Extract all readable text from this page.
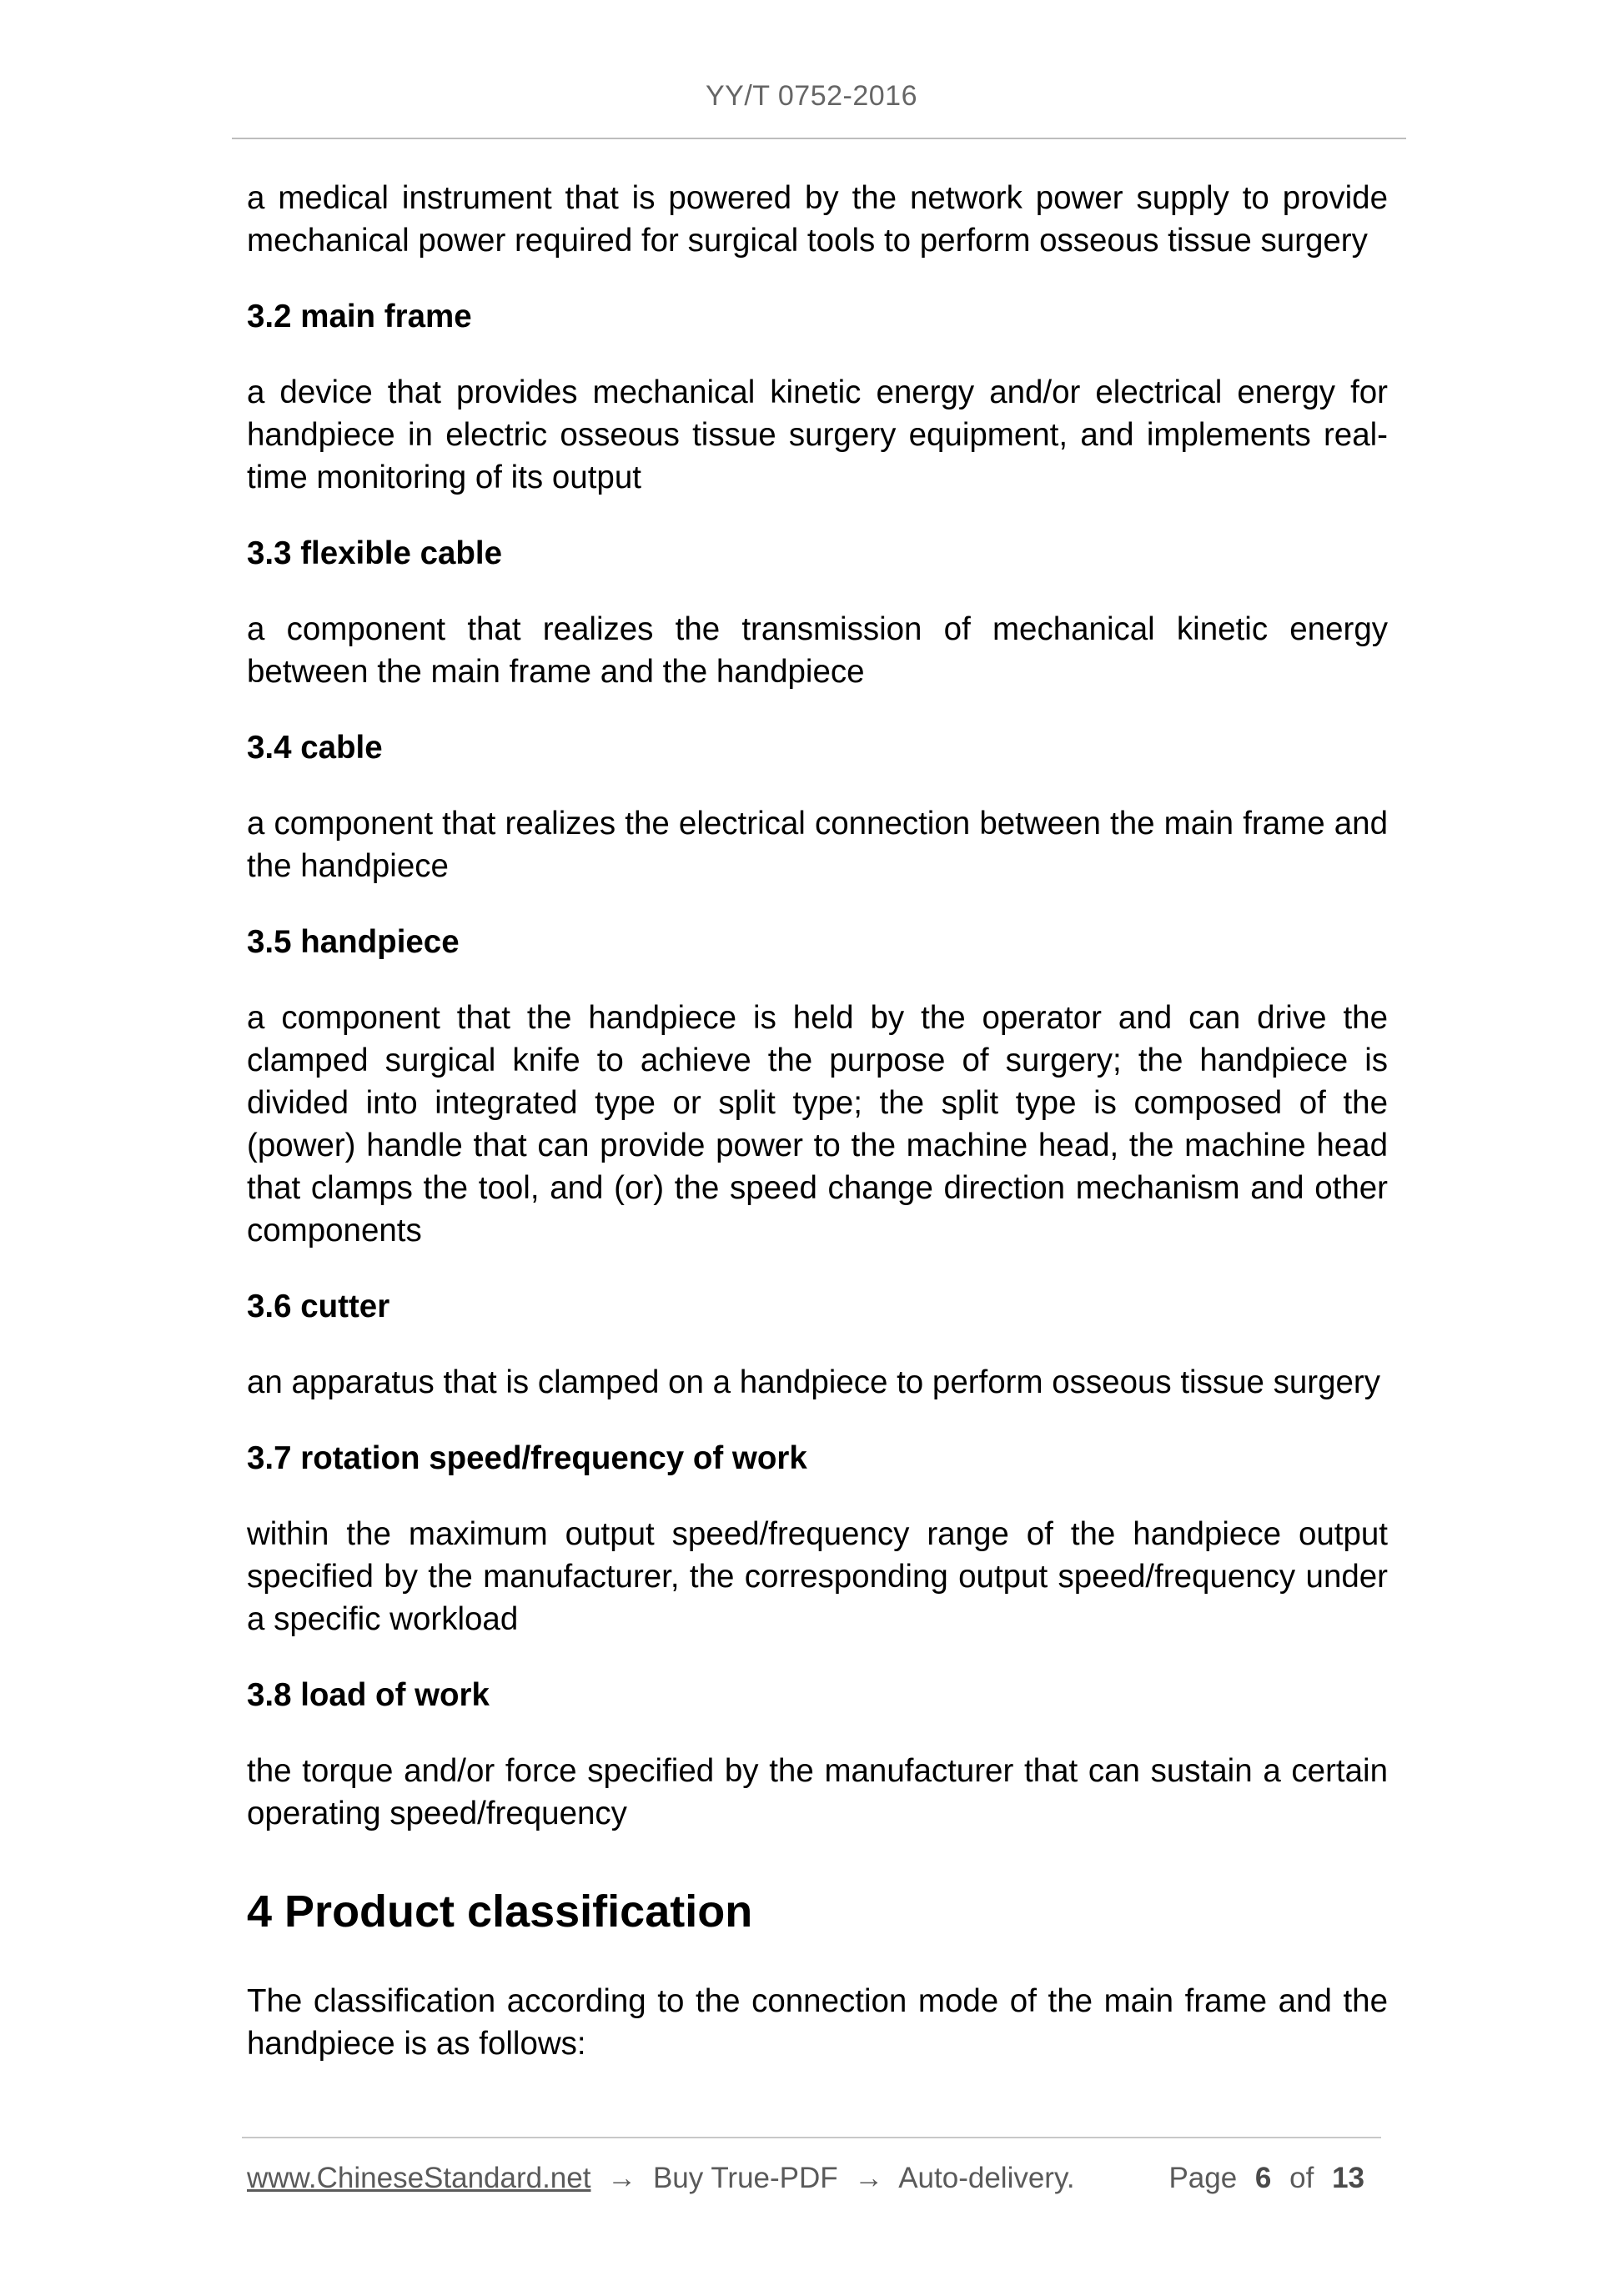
YY/T 0752-2016

a medical instrument that is powered by the network power supply to provide mechanical power required for surgical tools to perform osseous tissue surgery

3.2 main frame

a device that provides mechanical kinetic energy and/or electrical energy for handpiece in electric osseous tissue surgery equipment, and implements real-time monitoring of its output

3.3 flexible cable

a component that realizes the transmission of mechanical kinetic energy between the main frame and the handpiece

3.4 cable

a component that realizes the electrical connection between the main frame and the handpiece

3.5 handpiece

a component that the handpiece is held by the operator and can drive the clamped surgical knife to achieve the purpose of surgery; the handpiece is divided into integrated type or split type; the split type is composed of the (power) handle that can provide power to the machine head, the machine head that clamps the tool, and (or) the speed change direction mechanism and other components

3.6 cutter

an apparatus that is clamped on a handpiece to perform osseous tissue surgery

3.7 rotation speed/frequency of work

within the maximum output speed/frequency range of the handpiece output specified by the manufacturer, the corresponding output speed/frequency under a specific workload

3.8 load of work

the torque and/or force specified by the manufacturer that can sustain a certain operating speed/frequency

4 Product classification

The classification according to the connection mode of the main frame and the handpiece is as follows:

www.ChineseStandard.net → Buy True-PDF → Auto-delivery.	Page 6 of 13
